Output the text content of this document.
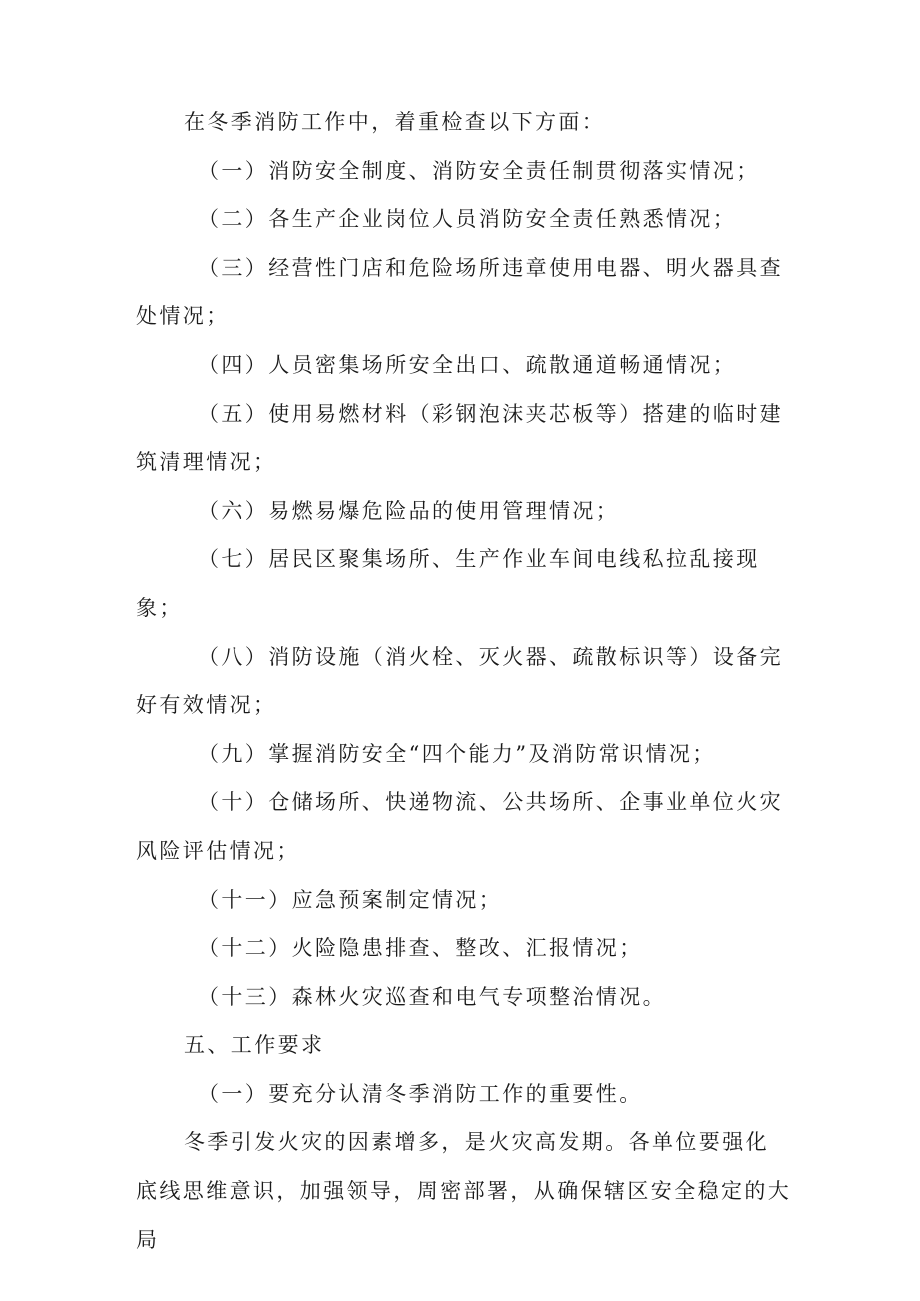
在冬季消防工作中，着重检查以下方面：

（一）消防安全制度、消防安全责任制贯彻落实情况；

（二）各生产企业岗位人员消防安全责任熟悉情况；

（三）经营性门店和危险场所违章使用电器、明火器具查处情况；

（四）人员密集场所安全出口、疏散通道畅通情况；

（五）使用易燃材料（彩钢泡沫夹芯板等）搭建的临时建筑清理情况；

（六）易燃易爆危险品的使用管理情况；

（七）居民区聚集场所、生产作业车间电线私拉乱接现象；

（八）消防设施（消火栓、灭火器、疏散标识等）设备完好有效情况；

（九）掌握消防安全“四个能力”及消防常识情况；

（十）仓储场所、快递物流、公共场所、企事业单位火灾风险评估情况；

（十一）应急预案制定情况；

（十二）火险隐患排查、整改、汇报情况；

（十三）森林火灾巡查和电气专项整治情况。

五、工作要求

（一）要充分认清冬季消防工作的重要性。

冬季引发火灾的因素增多，是火灾高发期。各单位要强化底线思维意识，加强领导，周密部署，从确保辖区安全稳定的大局
